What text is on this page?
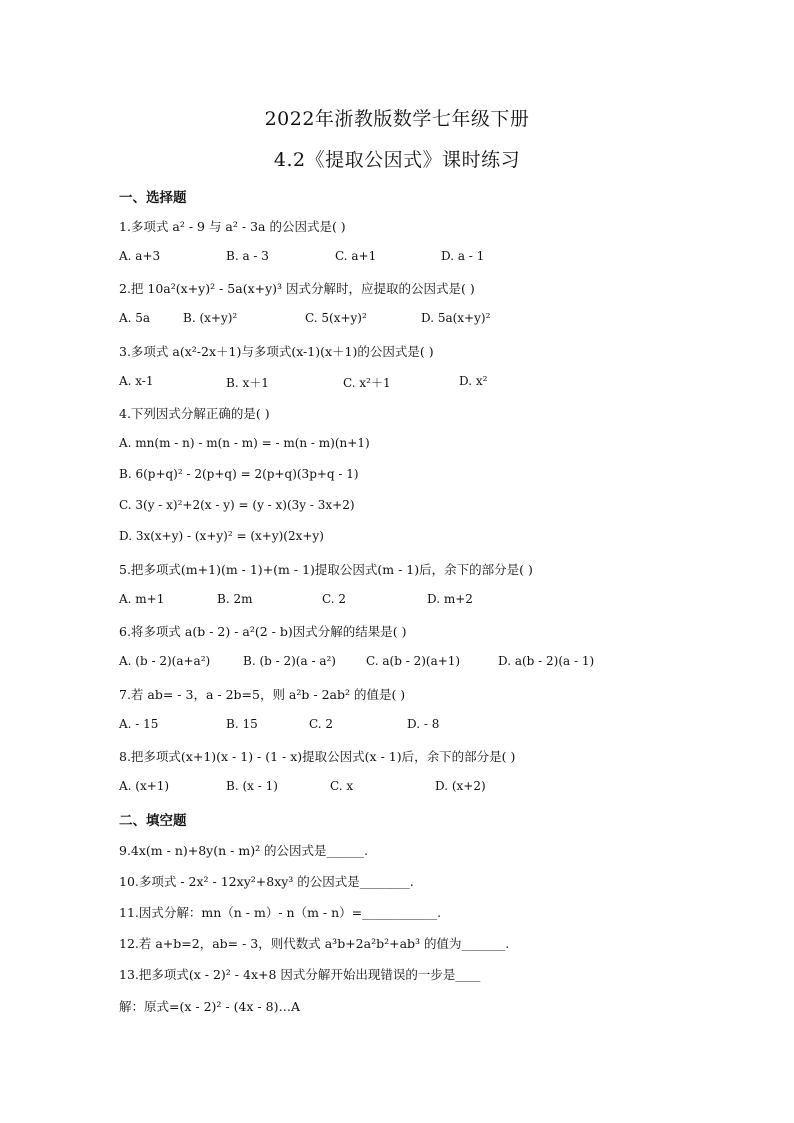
2022年浙教版数学七年级下册
4.2《提取公因式》课时练习
一、选择题
1.多项式 a² - 9 与 a² - 3a 的公因式是( )
A. a+3	B. a - 3	C. a+1	D. a - 1
2.把 10a²(x+y)² - 5a(x+y)³ 因式分解时，应提取的公因式是( )
A. 5a	B. (x+y)²	C. 5(x+y)²	D. 5a(x+y)²
3.多项式 a(x²-2x＋1)与多项式(x-1)(x＋1)的公因式是( )
A. x-1	B. x＋1	C. x²＋1	D. x²
4.下列因式分解正确的是( )
A. mn(m - n) - m(n - m) = - m(n - m)(n+1)
B. 6(p+q)² - 2(p+q) = 2(p+q)(3p+q - 1)
C. 3(y - x)²+2(x - y) = (y - x)(3y - 3x+2)
D. 3x(x+y) - (x+y)² = (x+y)(2x+y)
5.把多项式(m+1)(m - 1)+(m - 1)提取公因式(m - 1)后，余下的部分是( )
A. m+1	B. 2m	C. 2	D. m+2
6.将多项式 a(b - 2) - a²(2 - b)因式分解的结果是( )
A. (b - 2)(a+a²)	B. (b - 2)(a - a²)	C. a(b - 2)(a+1)	D. a(b - 2)(a - 1)
7.若 ab= - 3，a - 2b=5，则 a²b - 2ab² 的值是( )
A. - 15	B. 15	C. 2	D. - 8
8.把多项式(x+1)(x - 1) - (1 - x)提取公因式(x - 1)后，余下的部分是( )
A. (x+1)	B. (x - 1)	C. x	D. (x+2)
二、填空题
9.4x(m - n)+8y(n - m)² 的公因式是______.
10.多项式 - 2x² - 12xy²+8xy³ 的公因式是________.
11.因式分解：mn（n - m）- n（m - n）=____________.
12.若 a+b=2，ab= - 3，则代数式 a³b+2a²b²+ab³ 的值为_______.
13.把多项式(x - 2)² - 4x+8 因式分解开始出现错误的一步是____
解：原式=(x - 2)² - (4x - 8)…A
